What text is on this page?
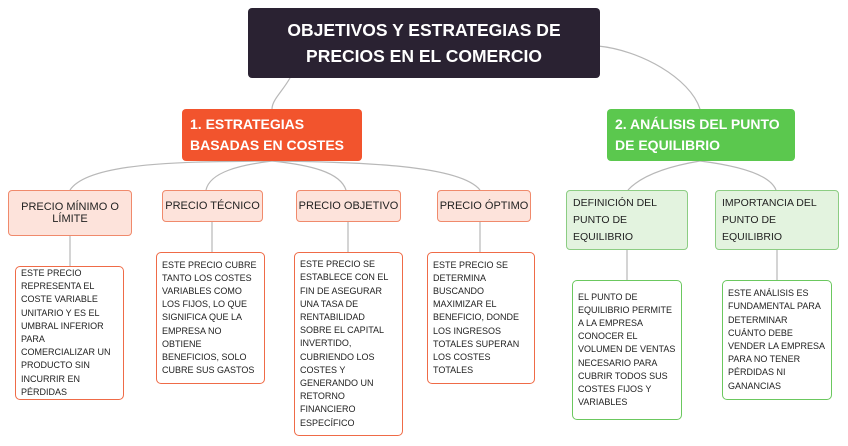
OBJETIVOS Y ESTRATEGIAS DE PRECIOS EN EL COMERCIO
1. ESTRATEGIAS BASADAS EN COSTES
2. ANÁLISIS DEL PUNTO DE EQUILIBRIO
PRECIO MÍNIMO O LÍMITE
PRECIO TÉCNICO	PRECIO OBJETIVO	PRECIO ÓPTIMO	DEFINICIÓN DEL PUNTO DE EQUILIBRIO
IMPORTANCIA DEL PUNTO DE EQUILIBRIO
ESTE PRECIO REPRESENTA EL COSTE VARIABLE UNITARIO Y ES EL UMBRAL INFERIOR PARA COMERCIALIZAR UN PRODUCTO SIN INCURRIR EN PÉRDIDAS
ESTE PRECIO CUBRE TANTO LOS COSTES VARIABLES COMO LOS FIJOS, LO QUE SIGNIFICA QUE LA EMPRESA NO OBTIENE BENEFICIOS, SOLO CUBRE SUS GASTOS
ESTE PRECIO SE ESTABLECE CON EL FIN DE ASEGURAR UNA TASA DE RENTABILIDAD SOBRE EL CAPITAL INVERTIDO, CUBRIENDO LOS COSTES Y GENERANDO UN RETORNO FINANCIERO ESPECÍFICO
ESTE PRECIO SE DETERMINA BUSCANDO MAXIMIZAR EL BENEFICIO, DONDE LOS INGRESOS TOTALES SUPERAN LOS COSTES TOTALES
EL PUNTO DE EQUILIBRIO PERMITE A LA EMPRESA CONOCER EL VOLUMEN DE VENTAS NECESARIO PARA CUBRIR TODOS SUS COSTES FIJOS Y VARIABLES
ESTE ANÁLISIS ES FUNDAMENTAL PARA DETERMINAR CUÁNTO DEBE VENDER LA EMPRESA PARA NO TENER PÉRDIDAS NI GANANCIAS
